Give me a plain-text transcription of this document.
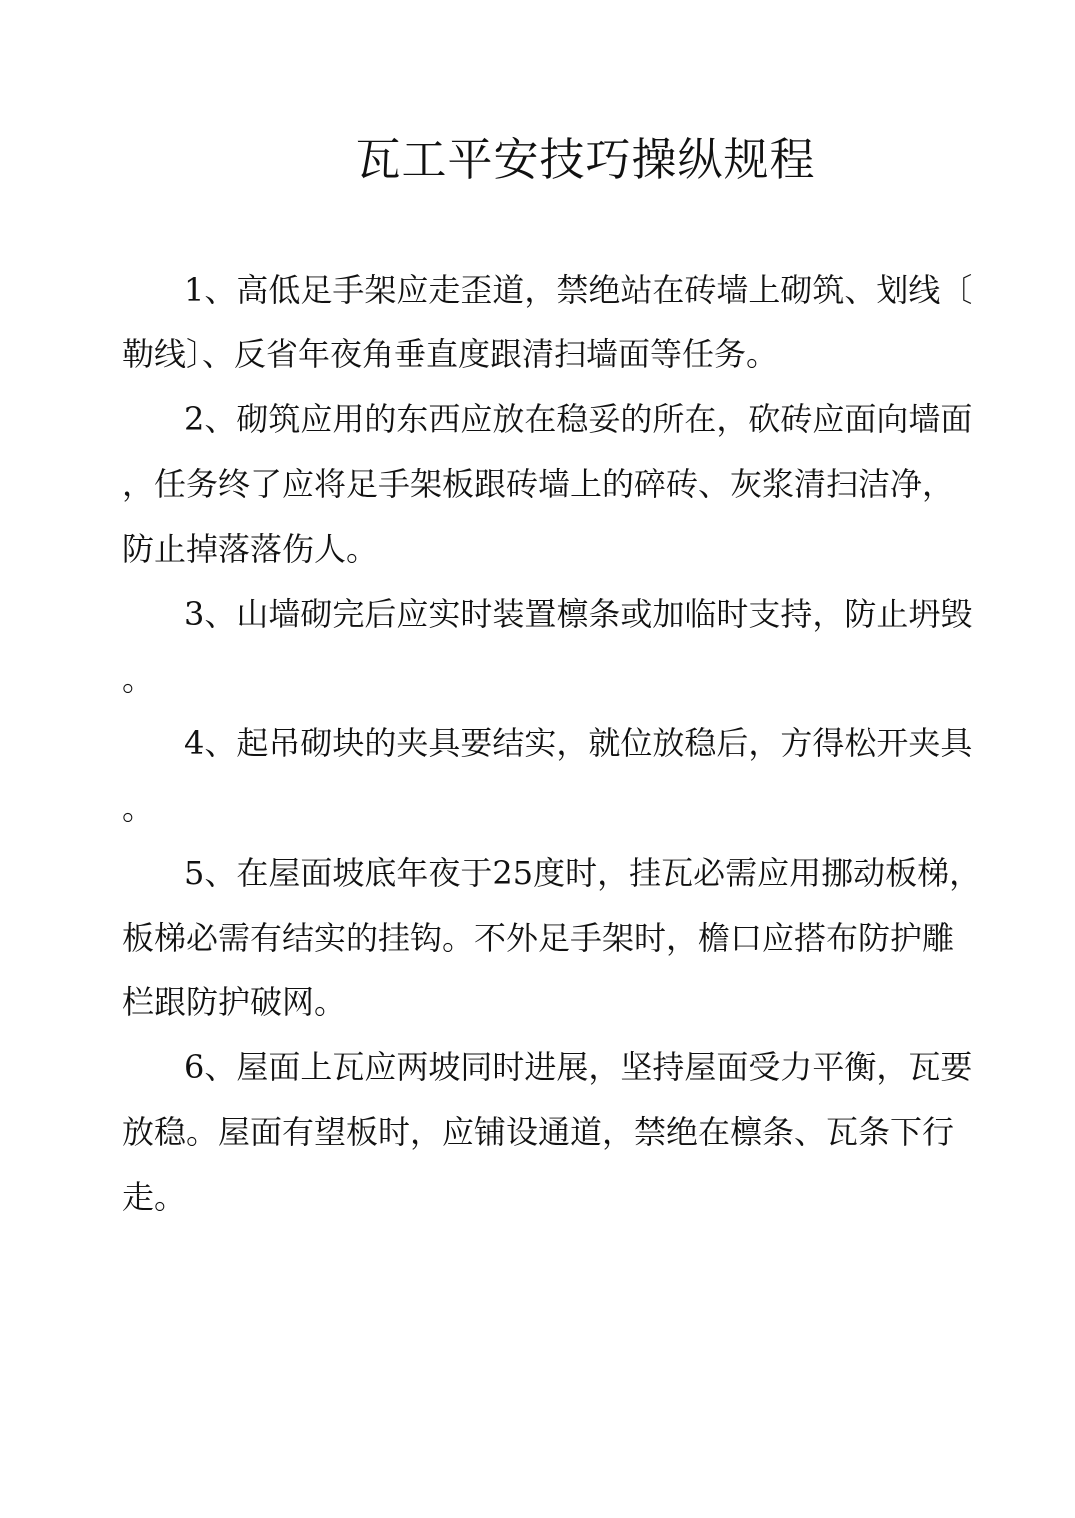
瓦工平安技巧操纵规程

1、高低足手架应走歪道，禁绝站在砖墙上砌筑、划线〔

勒线〕、反省年夜角垂直度跟清扫墙面等任务。

2、砌筑应用的东西应放在稳妥的所在，砍砖应面向墙面

，任务终了应将足手架板跟砖墙上的碎砖、灰浆清扫洁净，

防止掉落落伤人。

3、山墙砌完后应实时装置檩条或加临时支持，防止坍毁

。

4、起吊砌块的夹具要结实，就位放稳后，方得松开夹具

。

5、在屋面坡底年夜于25度时，挂瓦必需应用挪动板梯，

板梯必需有结实的挂钩。不外足手架时，檐口应搭布防护雕

栏跟防护破网。

6、屋面上瓦应两坡同时进展，坚持屋面受力平衡，瓦要

放稳。屋面有望板时，应铺设通道，禁绝在檩条、瓦条下行

走。
